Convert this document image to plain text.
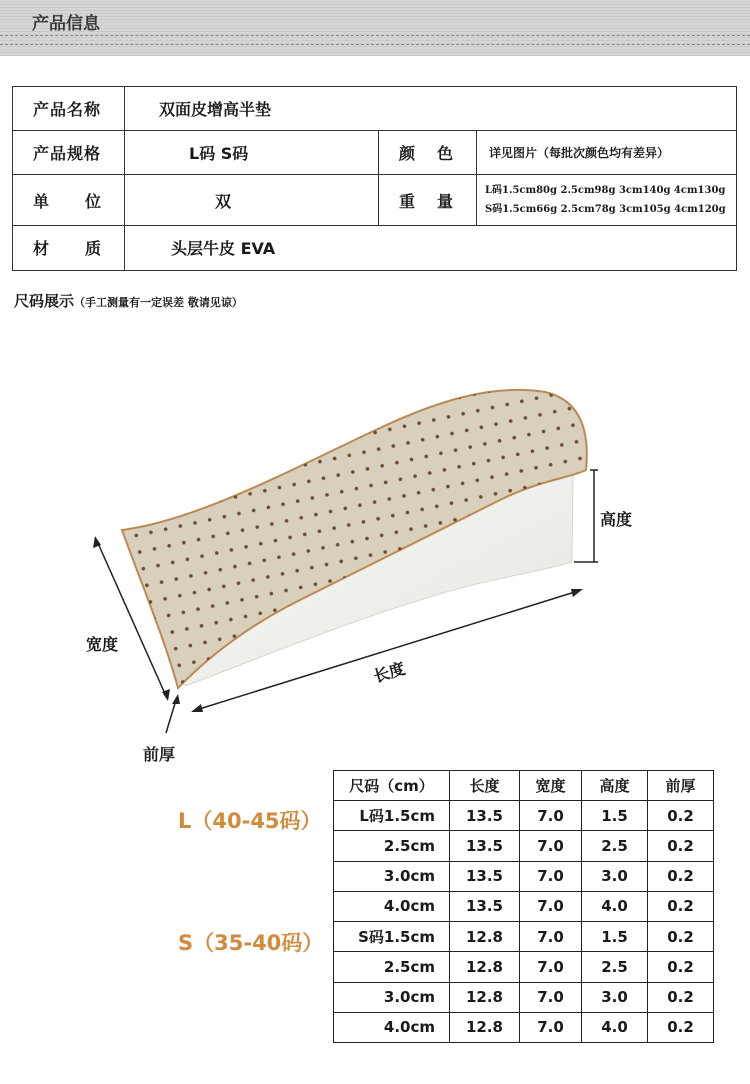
产品信息
产品名称	双面皮增高半垫		
产品规格	L码 S码	颜 色	详见图片（每批次颜色均有差异）
单 位	双	重 量	L码1.5cm80g 2.5cm98g 3cm140g 4cm130g
S码1.5cm66g 2.5cm78g 3cm105g 4cm120g

材 质	头层牛皮 EVA		
尺码展示（手工测量有一定误差 敬请见谅）
宽度
长度
高度
前厚
L（40-45码）
S（35-40码）
尺码（cm）	长度	宽度	高度	前厚
L码1.5cm	13.5	7.0	1.5	0.2
2.5cm	13.5	7.0	2.5	0.2
3.0cm	13.5	7.0	3.0	0.2
4.0cm	13.5	7.0	4.0	0.2
S码1.5cm	12.8	7.0	1.5	0.2
2.5cm	12.8	7.0	2.5	0.2
3.0cm	12.8	7.0	3.0	0.2
4.0cm	12.8	7.0	4.0	0.2
